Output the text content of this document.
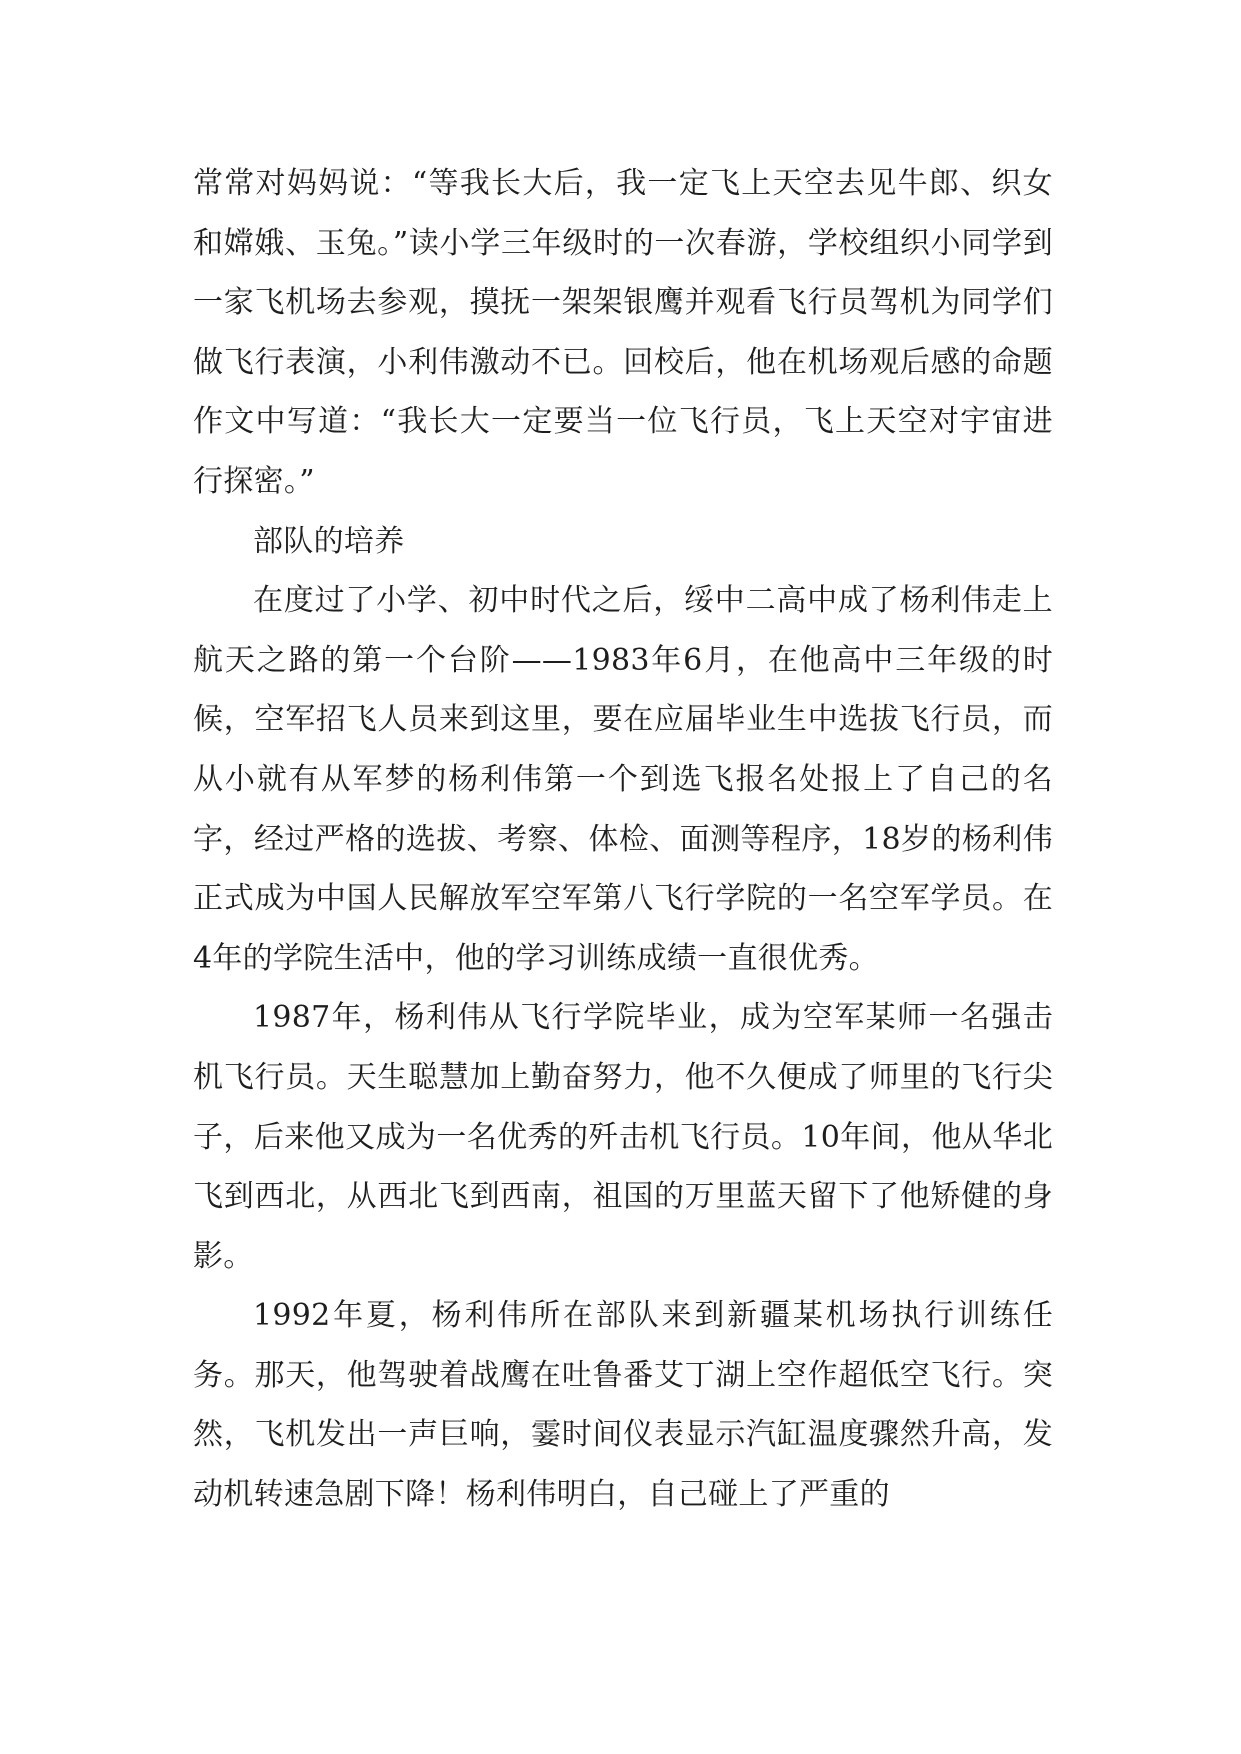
常常对妈妈说：“等我长大后，我一定飞上天空去见牛郎、织女和嫦娥、玉兔。”读小学三年级时的一次春游，学校组织小同学到一家飞机场去参观，摸抚一架架银鹰并观看飞行员驾机为同学们做飞行表演，小利伟激动不已。回校后，他在机场观后感的命题作文中写道：“我长大一定要当一位飞行员，飞上天空对宇宙进行探密。”

部队的培养

在度过了小学、初中时代之后，绥中二高中成了杨利伟走上航天之路的第一个台阶——1983年6月，在他高中三年级的时候，空军招飞人员来到这里，要在应届毕业生中选拔飞行员，而从小就有从军梦的杨利伟第一个到选飞报名处报上了自己的名字，经过严格的选拔、考察、体检、面测等程序，18岁的杨利伟正式成为中国人民解放军空军第八飞行学院的一名空军学员。在4年的学院生活中，他的学习训练成绩一直很优秀。

1987年，杨利伟从飞行学院毕业，成为空军某师一名强击机飞行员。天生聪慧加上勤奋努力，他不久便成了师里的飞行尖子，后来他又成为一名优秀的歼击机飞行员。10年间，他从华北飞到西北，从西北飞到西南，祖国的万里蓝天留下了他矫健的身影。

1992年夏，杨利伟所在部队来到新疆某机场执行训练任务。那天，他驾驶着战鹰在吐鲁番艾丁湖上空作超低空飞行。突然，飞机发出一声巨响，霎时间仪表显示汽缸温度骤然升高，发动机转速急剧下降！杨利伟明白，自己碰上了严重的
